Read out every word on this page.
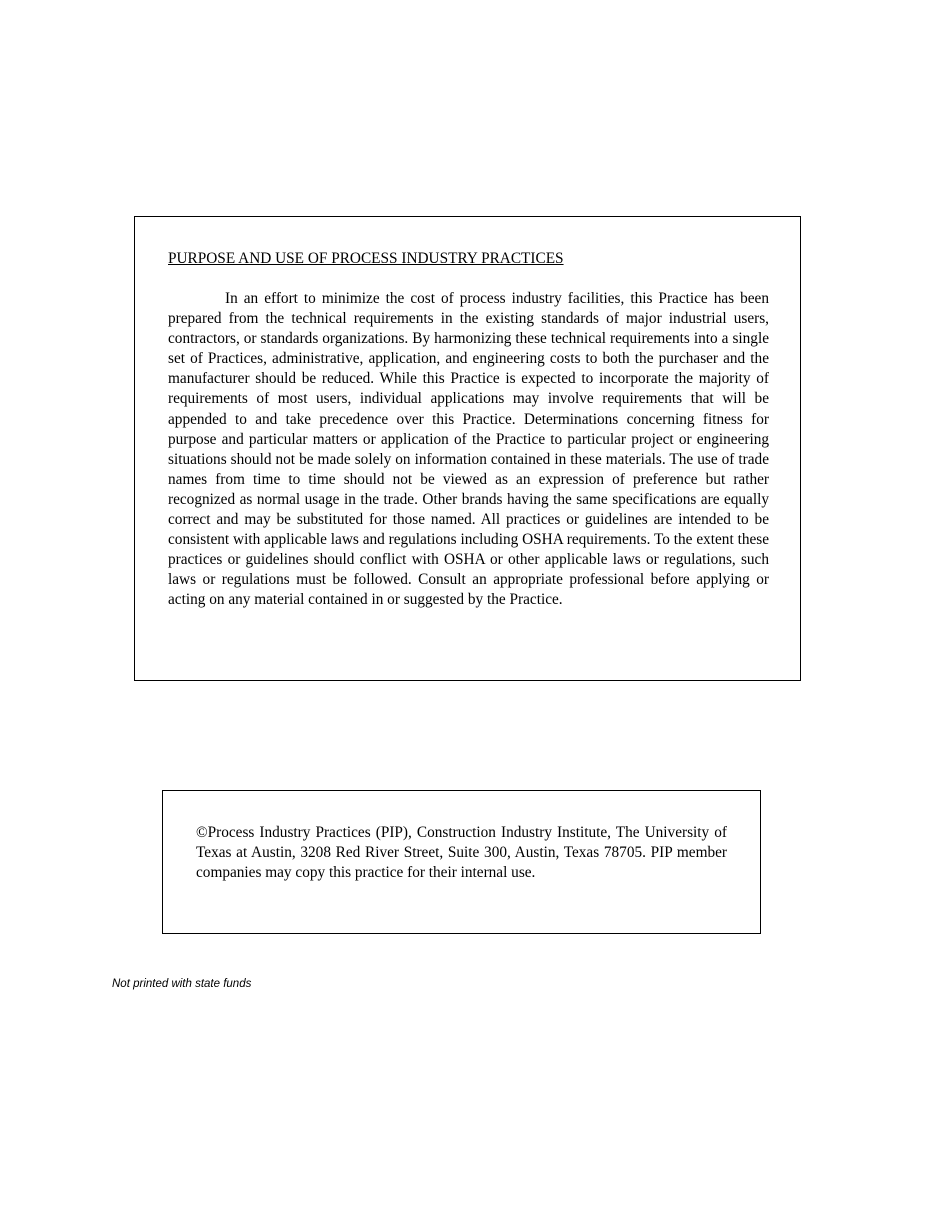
PURPOSE AND USE OF PROCESS INDUSTRY PRACTICES

In an effort to minimize the cost of process industry facilities, this Practice has been prepared from the technical requirements in the existing standards of major industrial users, contractors, or standards organizations. By harmonizing these technical requirements into a single set of Practices, administrative, application, and engineering costs to both the purchaser and the manufacturer should be reduced. While this Practice is expected to incorporate the majority of requirements of most users, individual applications may involve requirements that will be appended to and take precedence over this Practice. Determinations concerning fitness for purpose and particular matters or application of the Practice to particular project or engineering situations should not be made solely on information contained in these materials. The use of trade names from time to time should not be viewed as an expression of preference but rather recognized as normal usage in the trade. Other brands having the same specifications are equally correct and may be substituted for those named. All practices or guidelines are intended to be consistent with applicable laws and regulations including OSHA requirements. To the extent these practices or guidelines should conflict with OSHA or other applicable laws or regulations, such laws or regulations must be followed. Consult an appropriate professional before applying or acting on any material contained in or suggested by the Practice.

©Process Industry Practices (PIP), Construction Industry Institute, The University of Texas at Austin, 3208 Red River Street, Suite 300, Austin, Texas 78705. PIP member companies may copy this practice for their internal use.

Not printed with state funds
